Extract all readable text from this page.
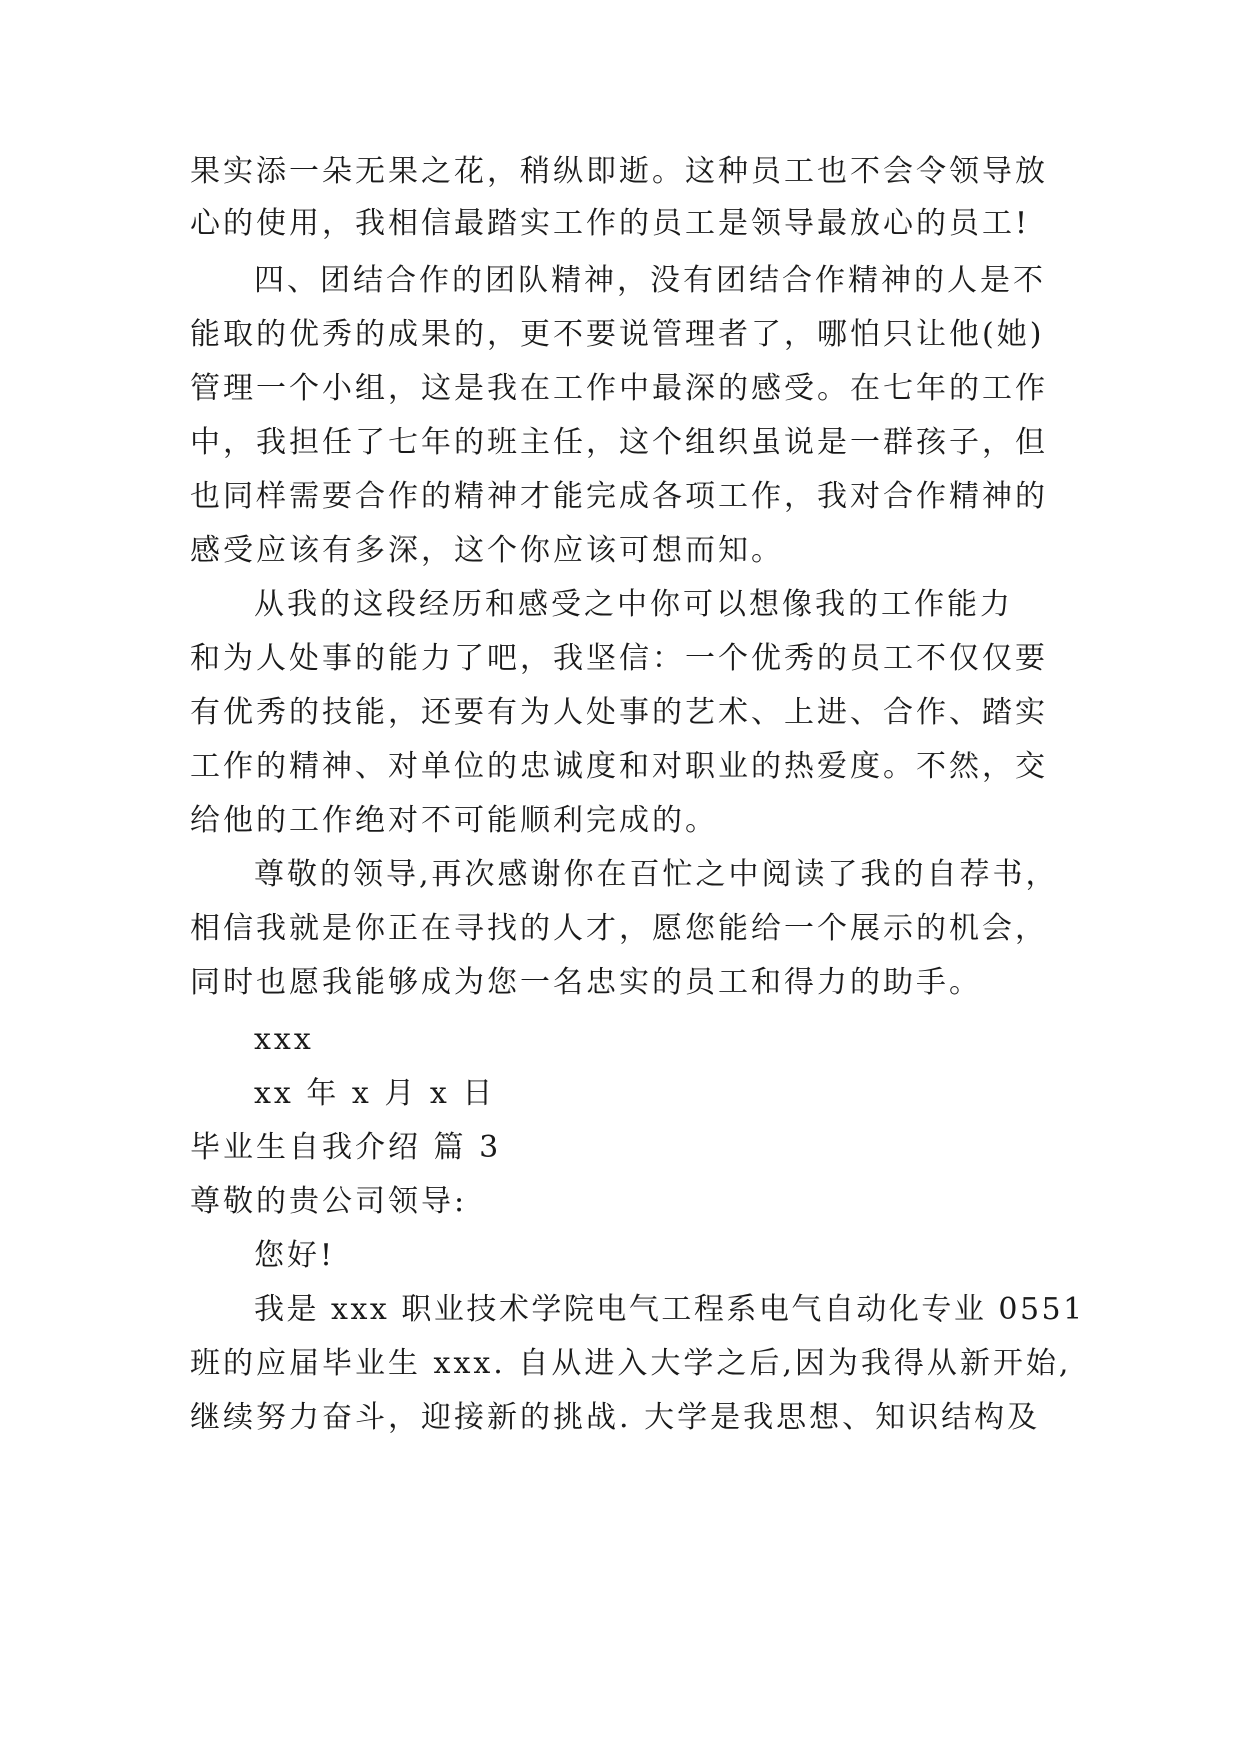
果实添一朵无果之花，稍纵即逝。这种员工也不会令领导放
心的使用，我相信最踏实工作的员工是领导最放心的员工!
四、团结合作的团队精神，没有团结合作精神的人是不
能取的优秀的成果的，更不要说管理者了，哪怕只让他(她)
管理一个小组，这是我在工作中最深的感受。在七年的工作
中，我担任了七年的班主任，这个组织虽说是一群孩子，但
也同样需要合作的精神才能完成各项工作，我对合作精神的
感受应该有多深，这个你应该可想而知。
从我的这段经历和感受之中你可以想像我的工作能力
和为人处事的能力了吧，我坚信：一个优秀的员工不仅仅要
有优秀的技能，还要有为人处事的艺术、上进、合作、踏实
工作的精神、对单位的忠诚度和对职业的热爱度。不然，交
给他的工作绝对不可能顺利完成的。
尊敬的领导,再次感谢你在百忙之中阅读了我的自荐书，
相信我就是你正在寻找的人才，愿您能给一个展示的机会，
同时也愿我能够成为您一名忠实的员工和得力的助手。
xxx
xx 年 x 月 x 日
毕业生自我介绍 篇 3
尊敬的贵公司领导:
您好!
我是 xxx 职业技术学院电气工程系电气自动化专业 0551
班的应届毕业生 xxx. 自从进入大学之后,因为我得从新开始,
继续努力奋斗，迎接新的挑战. 大学是我思想、知识结构及
